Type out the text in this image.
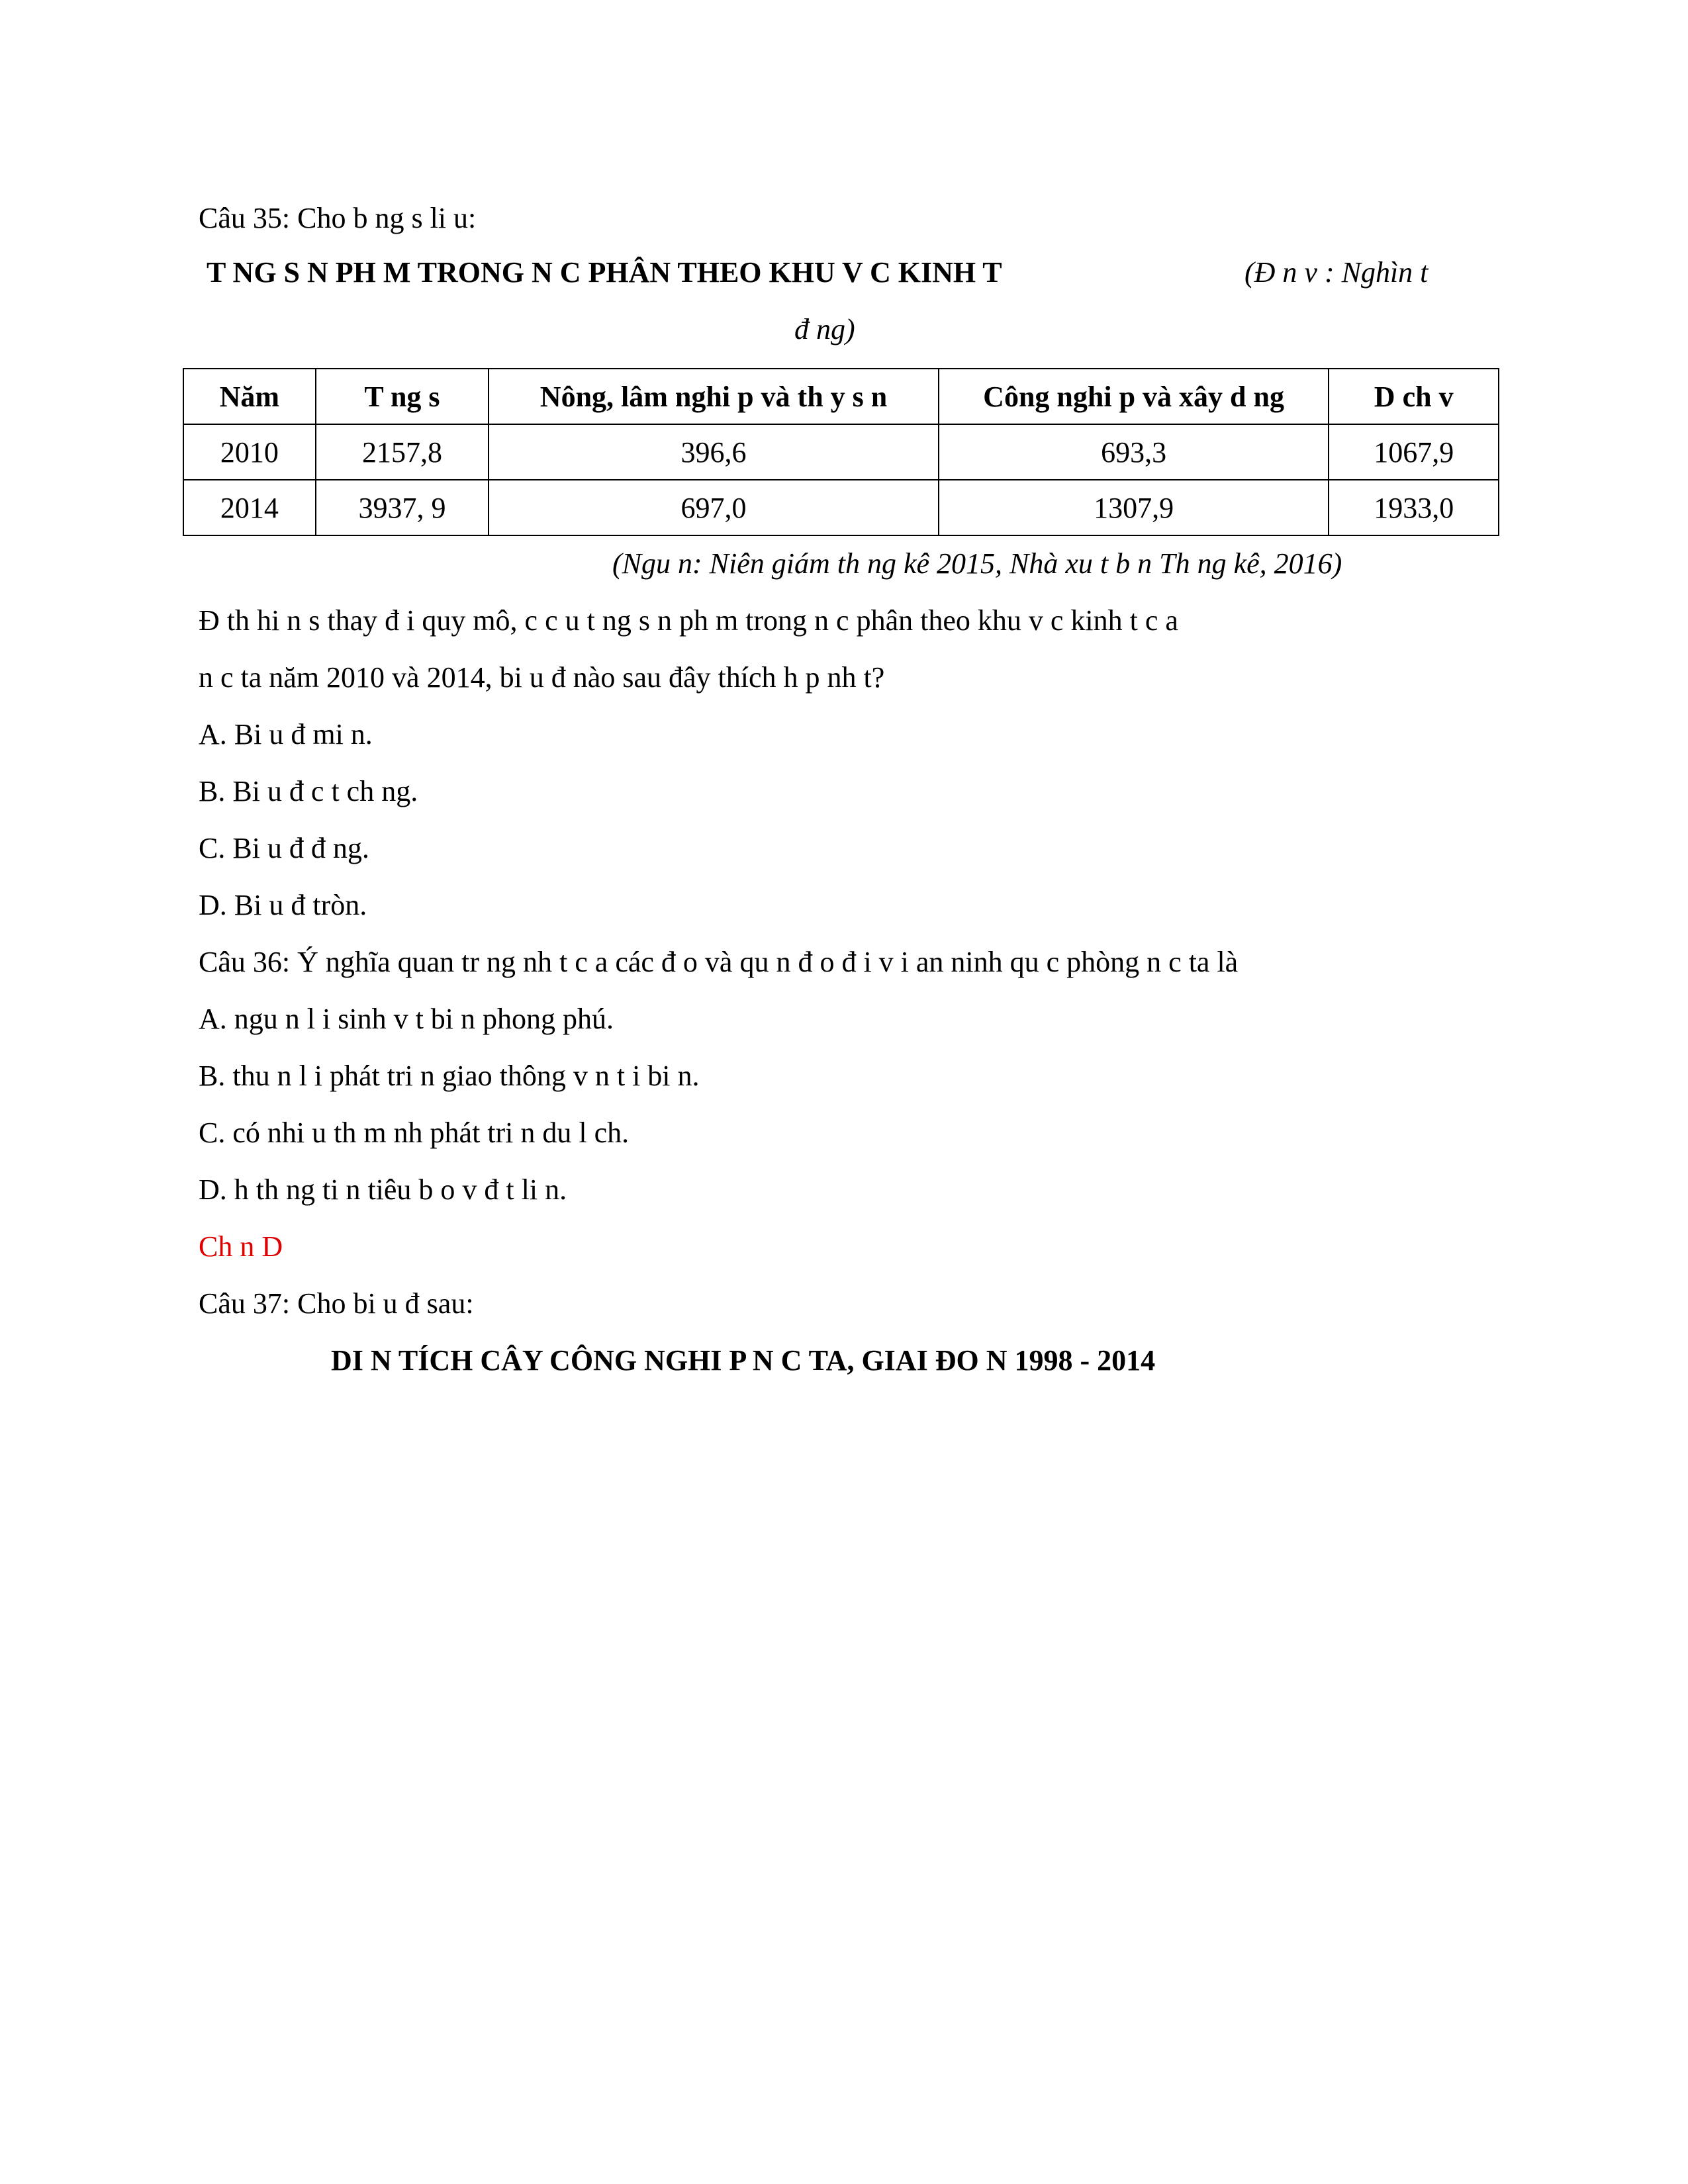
Câu 35: Cho b ng s li u:
T NG S N PH M TRONG N C PHÂN THEO KHU V C KINH T	(Đ n v : Nghìn t
đ ng)
Năm	T ng s	Nông, lâm nghi p và th y s n	Công nghi p và xây d ng	D ch v
2010	2157,8	396,6	693,3	1067,9
2014	3937, 9	697,0	1307,9	1933,0
(Ngu n: Niên giám th ng kê 2015, Nhà xu t b n Th ng kê, 2016)
Đ th hi n s thay đ i quy mô, c c u t ng s n ph m trong n c phân theo khu v c kinh t c a
n c ta năm 2010 và 2014, bi u đ nào sau đây thích h p nh t?
A. Bi u đ mi n.
B. Bi u đ c t ch ng.
C. Bi u đ đ ng.
D. Bi u đ tròn.
Câu 36: Ý nghĩa quan tr ng nh t c a các đ o và qu n đ o đ i v i an ninh qu c phòng n c ta là
A. ngu n l i sinh v t bi n phong phú.
B. thu n l i phát tri n giao thông v n t i bi n.
C. có nhi u th m nh phát tri n du l ch.
D. h th ng ti n tiêu b o v đ t li n.
Ch n D
Câu 37: Cho bi u đ sau:
DI N TÍCH CÂY CÔNG NGHI P N C TA, GIAI ĐO N 1998 - 2014
